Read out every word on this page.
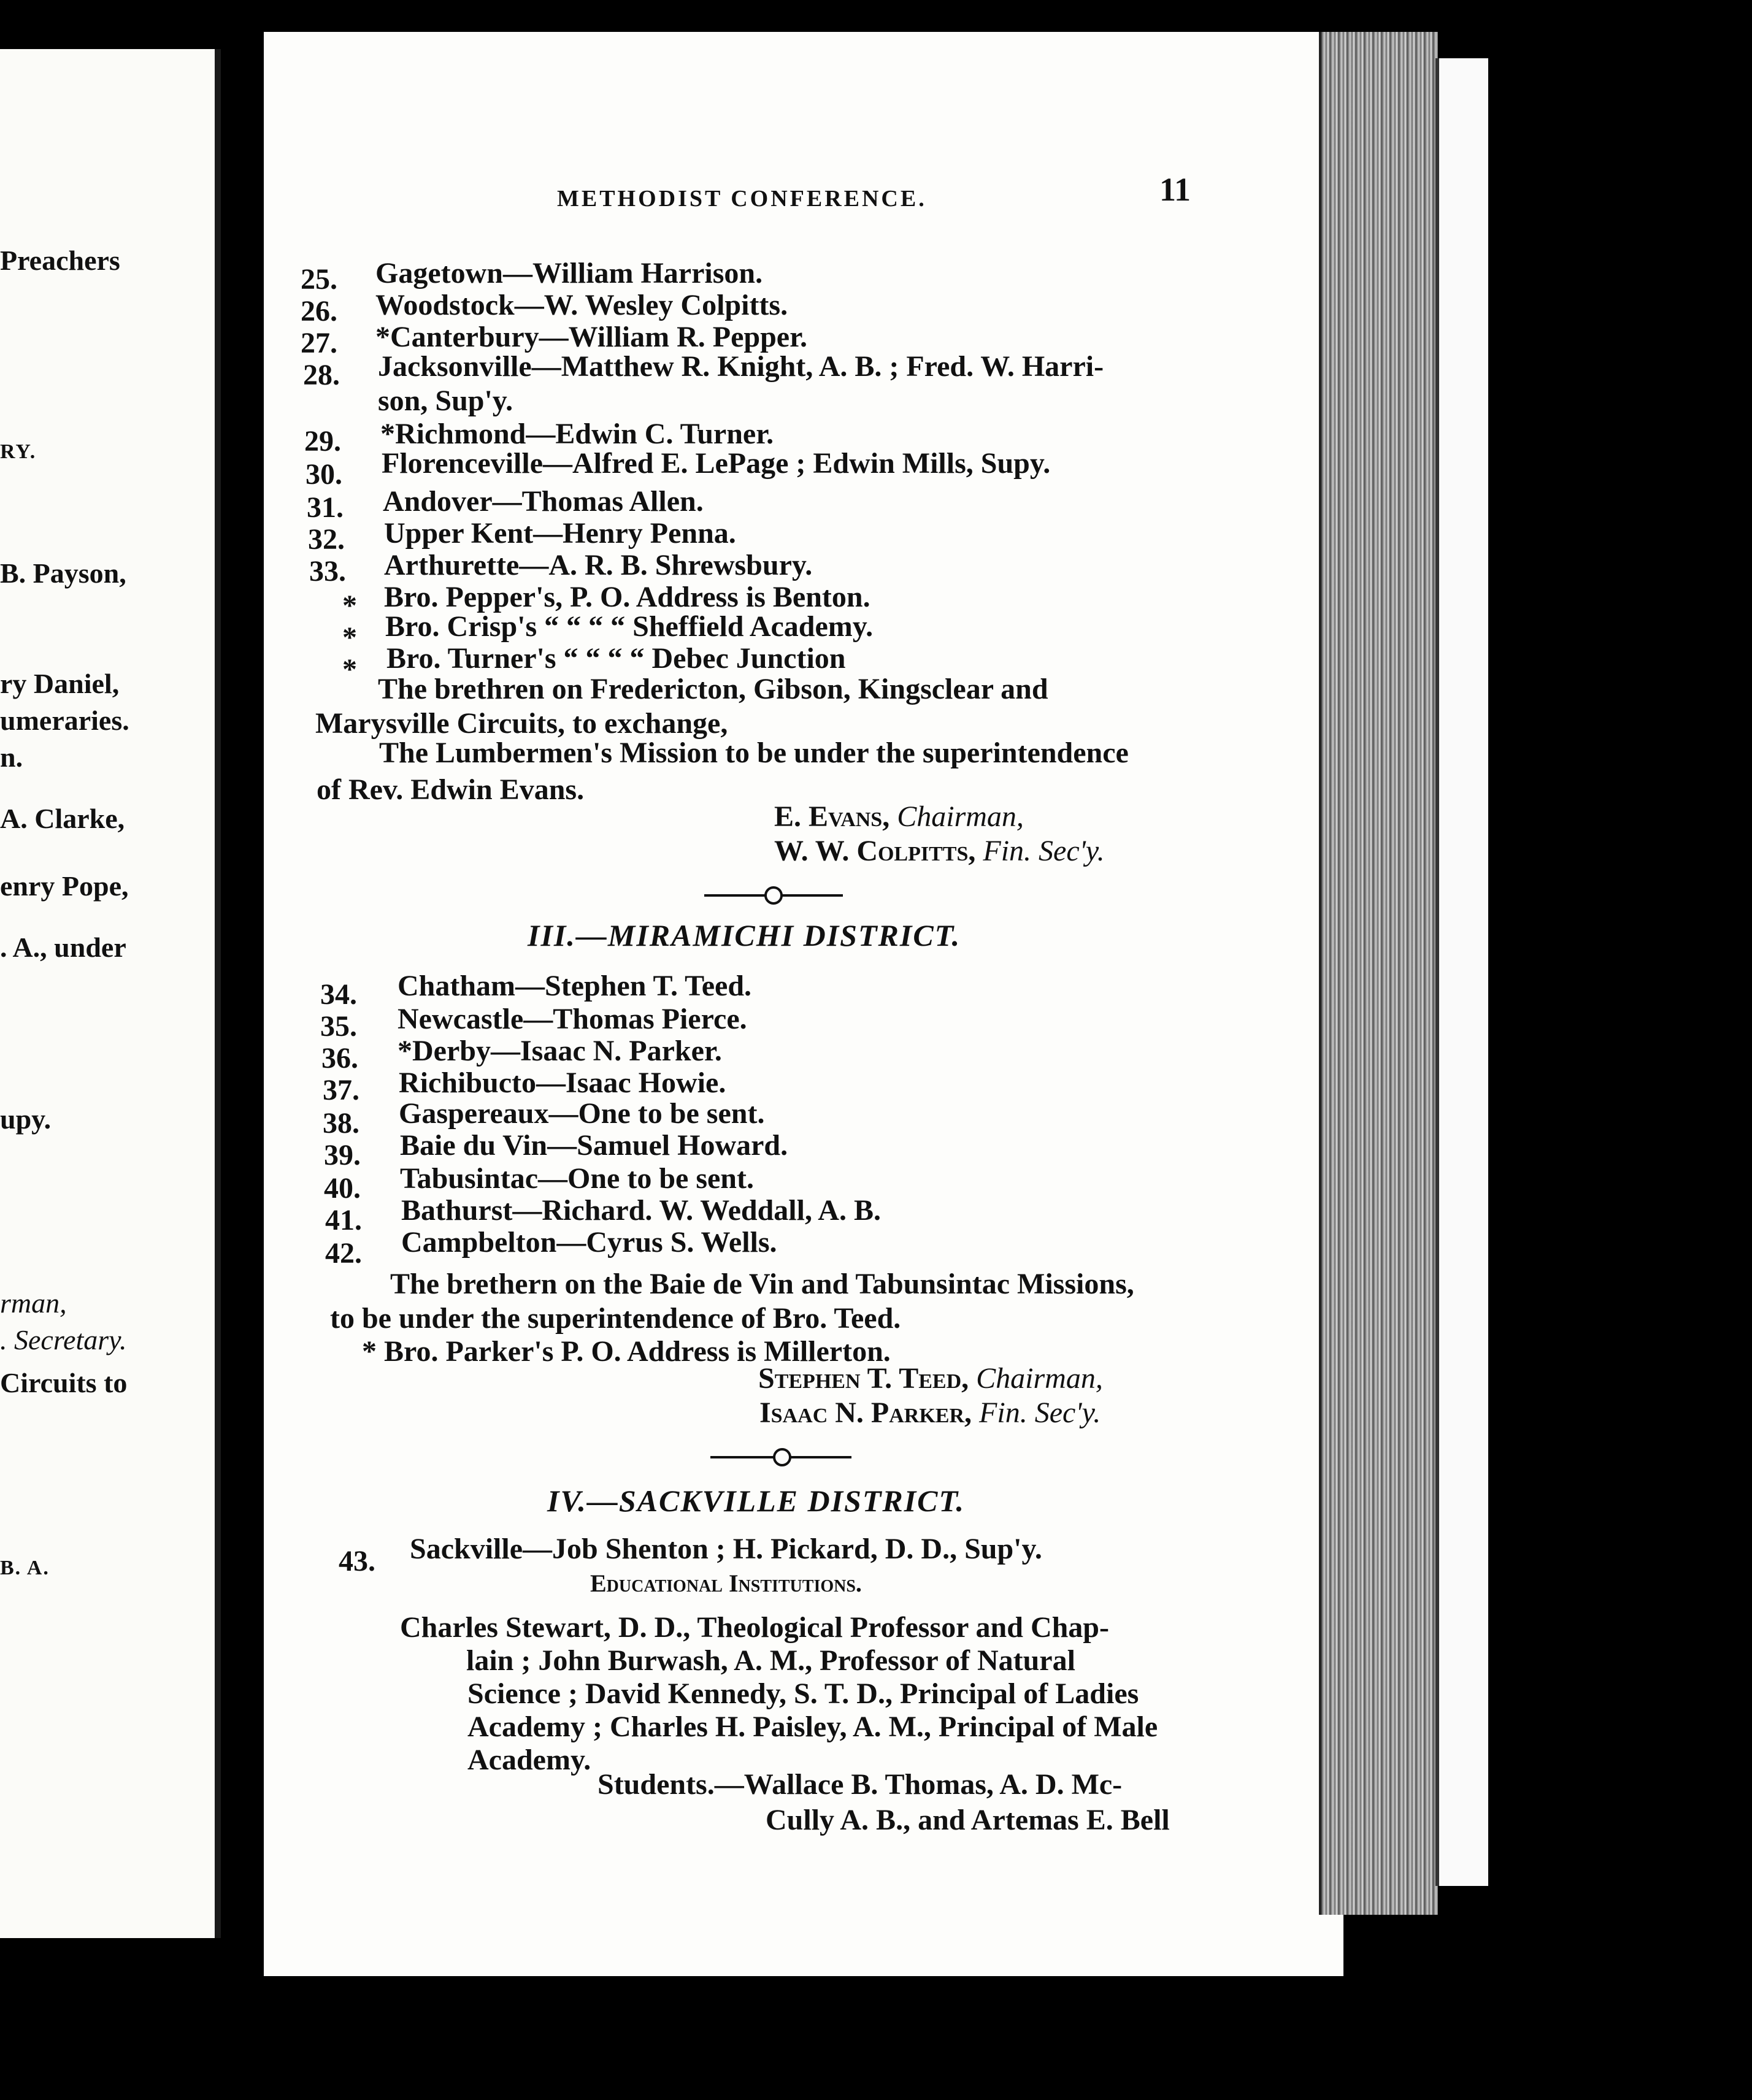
Preachers
RY.
B. Payson,
ry Daniel,
umeraries.
n.
A. Clarke,
enry Pope,
. A., under
upy.
rman,
. Secretary.
Circuits to
B. A.
METHODIST CONFERENCE.	11
25. Gagetown—William Harrison.
26. Woodstock—W. Wesley Colpitts.
27. *Canterbury—William R. Pepper.
28. Jacksonville—Matthew R. Knight, A. B. ; Fred. W. Harri-
son, Sup'y.
29. *Richmond—Edwin C. Turner.
30. Florenceville—Alfred E. LePage ; Edwin Mills, Supy.
31. Andover—Thomas Allen.
32. Upper Kent—Henry Penna.
33. Arthurette—A. R. B. Shrewsbury.
* Bro. Pepper's, P. O. Address is Benton.
* Bro. Crisp's “ “ “ “ Sheffield Academy.
* Bro. Turner's “ “ “ “ Debec Junction
The brethren on Fredericton, Gibson, Kingsclear and
Marysville Circuits, to exchange,
The Lumbermen's Mission to be under the superintendence
of Rev. Edwin Evans.
E. Evans, Chairman,
W. W. Colpitts, Fin. Sec'y.
III.—MIRAMICHI DISTRICT.
34. Chatham—Stephen T. Teed.
35. Newcastle—Thomas Pierce.
36. *Derby—Isaac N. Parker.
37. Richibucto—Isaac Howie.
38. Gaspereaux—One to be sent.
39. Baie du Vin—Samuel Howard.
40. Tabusintac—One to be sent.
41. Bathurst—Richard. W. Weddall, A. B.
42. Campbelton—Cyrus S. Wells.
The brethern on the Baie de Vin and Tabunsintac Missions,
to be under the superintendence of Bro. Teed.
* Bro. Parker's P. O. Address is Millerton.
Stephen T. Teed, Chairman,
Isaac N. Parker, Fin. Sec'y.
IV.—SACKVILLE DISTRICT.
43. Sackville—Job Shenton ; H. Pickard, D. D., Sup'y.
Educational Institutions.
Charles Stewart, D. D., Theological Professor and Chap-
lain ; John Burwash, A. M., Professor of Natural
Science ; David Kennedy, S. T. D., Principal of Ladies
Academy ; Charles H. Paisley, A. M., Principal of Male
Academy.
Students.—Wallace B. Thomas, A. D. Mc-
Cully A. B., and Artemas E. Bell
